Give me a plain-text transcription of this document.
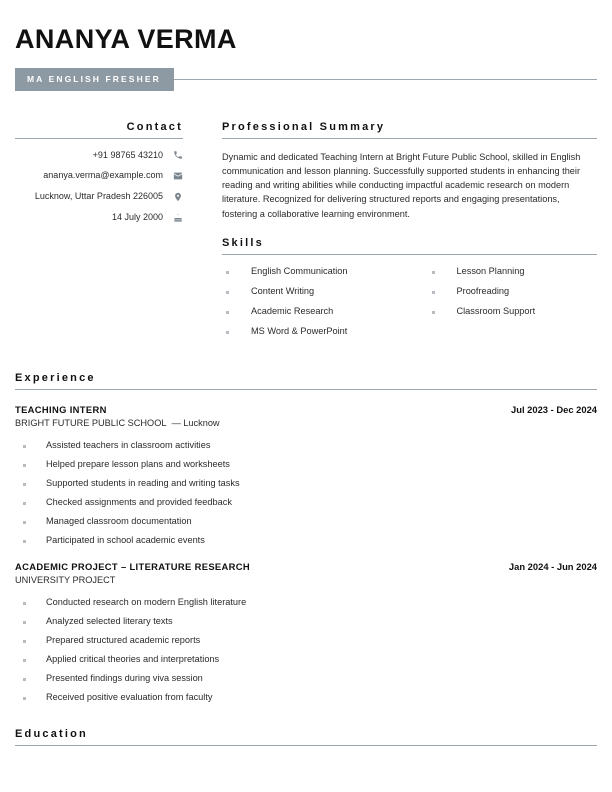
ANANYA VERMA
MA ENGLISH FRESHER
Contact
+91 98765 43210
ananya.verma@example.com
Lucknow, Uttar Pradesh 226005
14 July 2000
Professional Summary

Dynamic and dedicated Teaching Intern at Bright Future Public School, skilled in English communication and lesson planning. Successfully supported students in enhancing their reading and writing abilities while conducting impactful academic research on modern literature. Recognized for delivering structured reports and engaging presentations, fostering a collaborative learning environment.

Skills
English Communication
Content Writing
Academic Research
MS Word & PowerPoint
Lesson Planning
Proofreading
Classroom Support
Experience
TEACHING INTERN	Jul 2023 - Dec 2024
BRIGHT FUTURE PUBLIC SCHOOL — Lucknow
Assisted teachers in classroom activities
Helped prepare lesson plans and worksheets
Supported students in reading and writing tasks
Checked assignments and provided feedback
Managed classroom documentation
Participated in school academic events
ACADEMIC PROJECT – LITERATURE RESEARCH	Jan 2024 - Jun 2024
UNIVERSITY PROJECT
Conducted research on modern English literature
Analyzed selected literary texts
Prepared structured academic reports
Applied critical theories and interpretations
Presented findings during viva session
Received positive evaluation from faculty
Education
